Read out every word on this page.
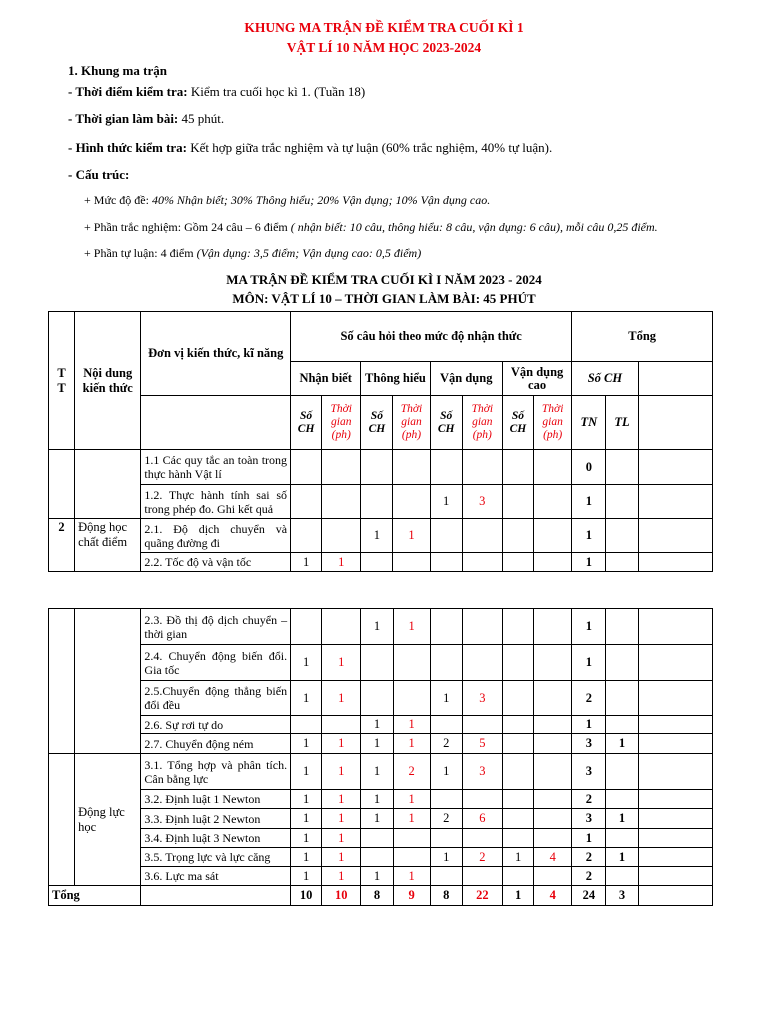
KHUNG MA TRẬN ĐỀ KIỂM TRA CUỐI KÌ 1
VẬT LÍ 10 NĂM HỌC 2023-2024
1. Khung ma trận
- Thời điểm kiểm tra: Kiểm tra cuối học kì 1. (Tuần 18)
- Thời gian làm bài: 45 phút.
- Hình thức kiểm tra: Kết hợp giữa trắc nghiệm và tự luận (60% trắc nghiệm, 40% tự luận).
- Cấu trúc:
+ Mức độ đề: 40% Nhận biết; 30% Thông hiểu; 20% Vận dụng; 10% Vận dụng cao.
+ Phần trắc nghiệm: Gồm 24 câu – 6 điểm ( nhận biết: 10 câu, thông hiểu: 8 câu, vận dụng: 6 câu), mỗi câu 0,25 điểm.
+ Phần tự luận: 4 điểm (Vận dụng: 3,5 điểm; Vận dụng cao: 0,5 điểm)
MA TRẬN ĐỀ KIỂM TRA CUỐI KÌ I NĂM 2023 - 2024
MÔN: VẬT LÍ 10 – THỜI GIAN LÀM BÀI: 45 PHÚT
T T	Nội dung kiến thức	Đơn vị kiến thức, kĩ năng	Số câu hỏi theo mức độ nhận thức								Tổng		
			Nhận biết		Thông hiểu		Vận dụng		Vận dụng cao		Số CH		
			Số CH	Thời gian (ph)	Số CH	Thời gian (ph)	Số CH	Thời gian (ph)	Số CH	Thời gian (ph)	TN	TL	
		1.1 Các quy tắc an toàn trong thực hành Vật lí									0		
		1.2. Thực hành tính sai số trong phép đo. Ghi kết quả					1	3			1		
2	Động học chất điểm	2.1. Độ dịch chuyển và quãng đường đi			1	1					1		
		2.2. Tốc độ và vận tốc	1	1							1		
		2.3. Đồ thị độ dịch chuyển – thời gian			1	1					1		
		2.4. Chuyển động biến đổi. Gia tốc	1	1							1		
		2.5.Chuyển động thẳng biến đổi đều	1	1			1	3			2		
		2.6. Sự rơi tự do			1	1					1		
		2.7. Chuyển động ném	1	1	1	1	2	5			3	1	
	Động lực học	3.1. Tổng hợp và phân tích. Cân bằng lực	1	1	1	2	1	3			3		
		3.2. Định luật 1 Newton	1	1	1	1					2		
		3.3. Định luật 2 Newton	1	1	1	1	2	6			3	1	
		3.4. Định luật 3 Newton	1	1							1		
		3.5. Trọng lực và lực căng	1	1			1	2	1	4	2	1	
		3.6. Lực ma sát	1	1	1	1					2		
Tổng			10	10	8	9	8	22	1	4	24	3	
